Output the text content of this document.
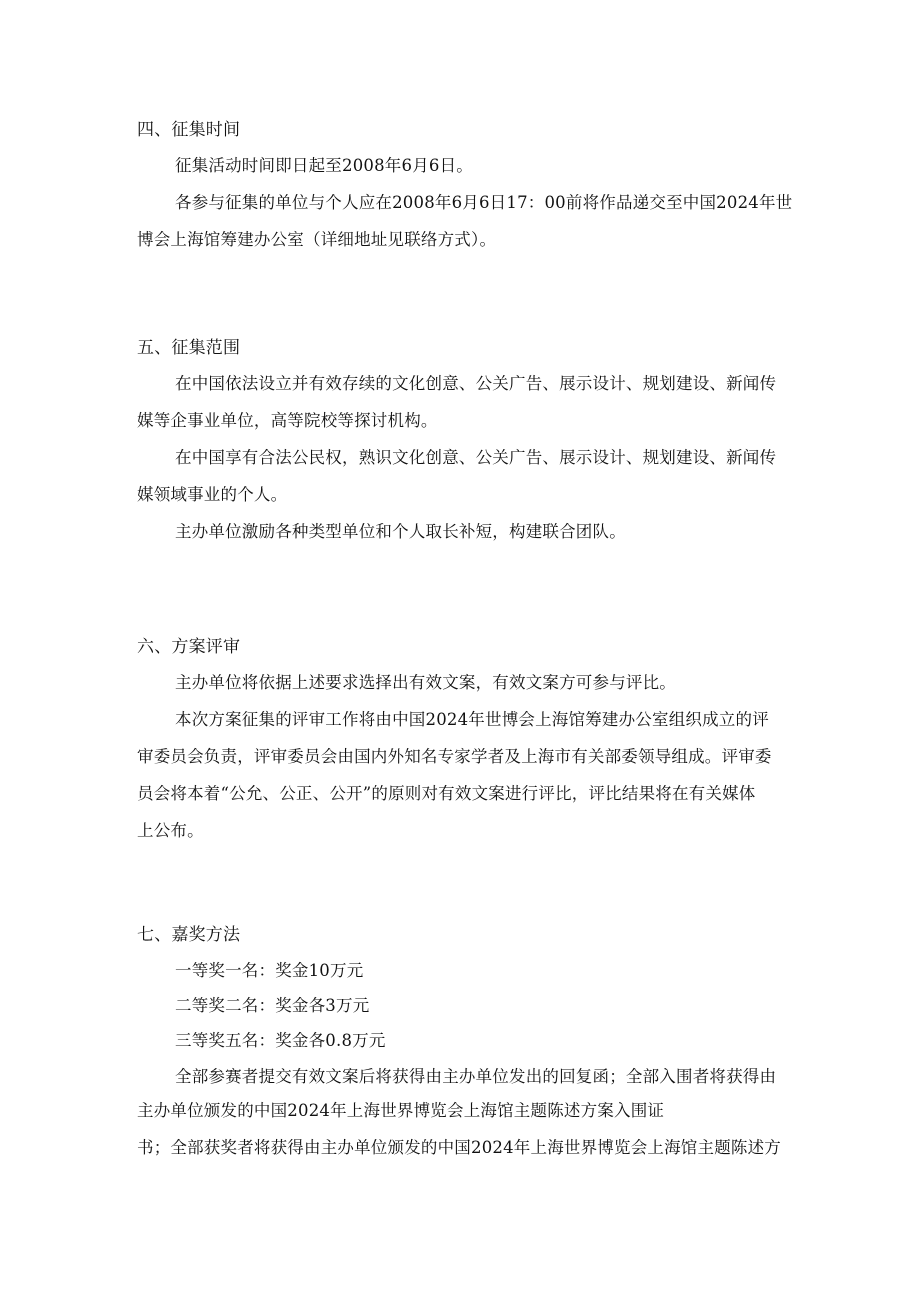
四、征集时间
征集活动时间即日起至2008年6月6日。
各参与征集的单位与个人应在2008年6月6日17：00前将作品递交至中国2024年世
博会上海馆筹建办公室（详细地址见联络方式）。
五、征集范围
在中国依法设立并有效存续的文化创意、公关广告、展示设计、规划建设、新闻传
媒等企事业单位，高等院校等探讨机构。
在中国享有合法公民权，熟识文化创意、公关广告、展示设计、规划建设、新闻传
媒领域事业的个人。
主办单位激励各种类型单位和个人取长补短，构建联合团队。
六、方案评审
主办单位将依据上述要求选择出有效文案，有效文案方可参与评比。
本次方案征集的评审工作将由中国2024年世博会上海馆筹建办公室组织成立的评
审委员会负责，评审委员会由国内外知名专家学者及上海市有关部委领导组成。评审委
员会将本着“公允、公正、公开”的原则对有效文案进行评比，评比结果将在有关媒体
上公布。
七、嘉奖方法
一等奖一名：奖金10万元
二等奖二名：奖金各3万元
三等奖五名：奖金各0.8万元
全部参赛者提交有效文案后将获得由主办单位发出的回复函；全部入围者将获得由
主办单位颁发的中国2024年上海世界博览会上海馆主题陈述方案入围证
书；全部获奖者将获得由主办单位颁发的中国2024年上海世界博览会上海馆主题陈述方
